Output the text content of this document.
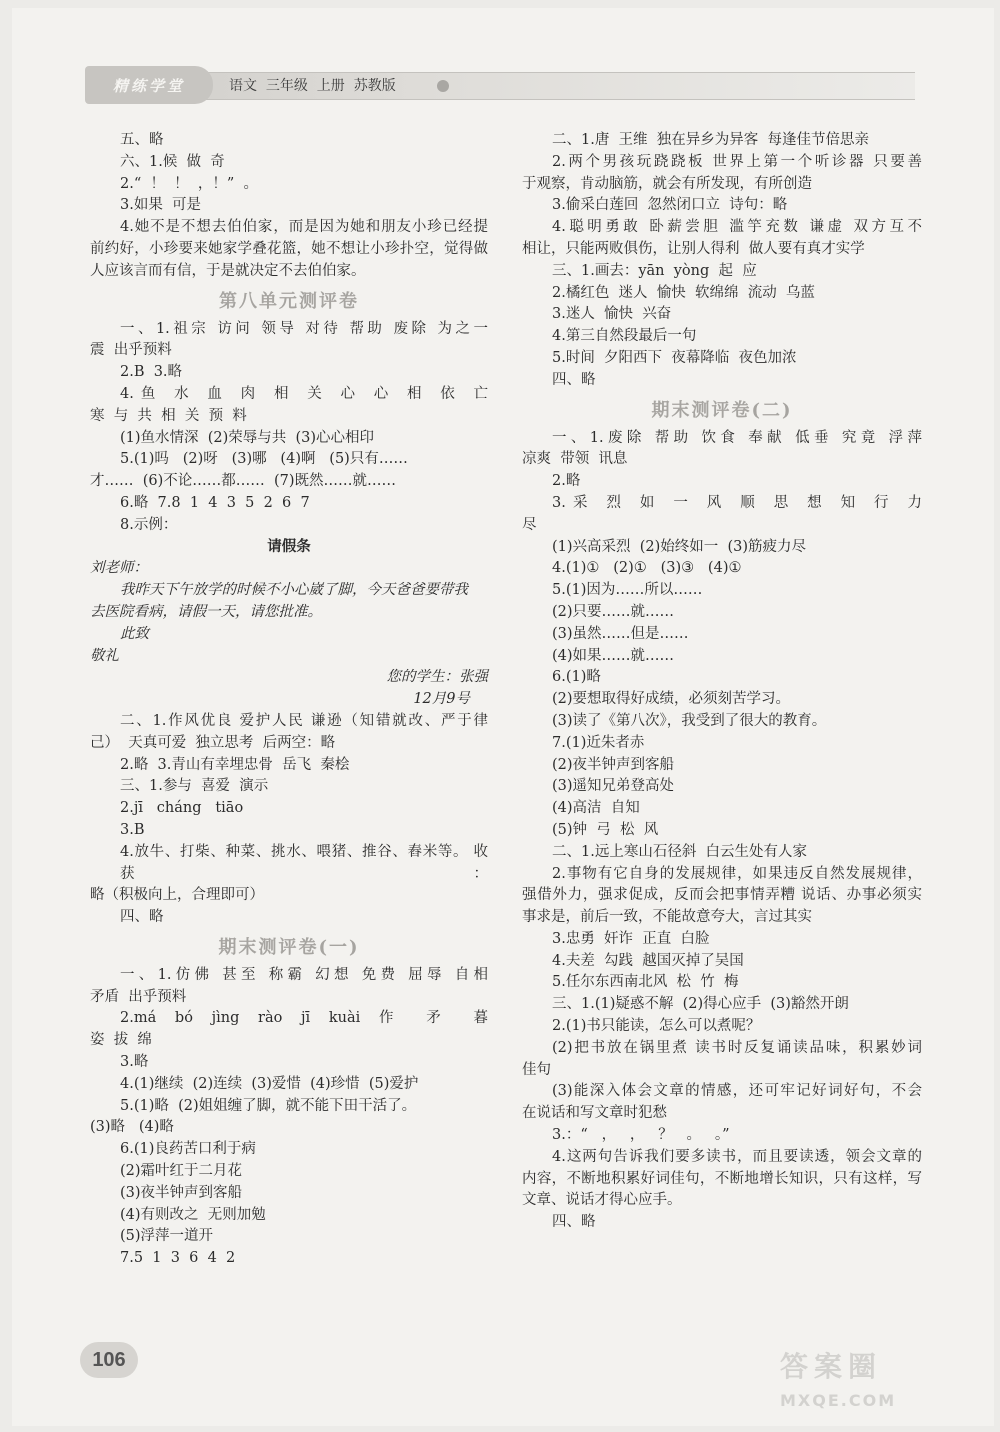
精练学堂	语文  三年级  上册  苏教版
五、略
六、1.候  做  奇
2.“  ！  ！  ，！”  。
3.如果  可是
4.她不是不想去伯伯家，而是因为她和朋友小珍已经提
前约好，小珍要来她家学叠花篮，她不想让小珍扑空，觉得做
人应该言而有信，于是就决定不去伯伯家。
第八单元测评卷
一、1.祖宗 访问 领导 对待 帮助 废除 为之一
震  出乎预料
2.B  3.略
4.鱼 水 血 肉 相 关 心 心 相 依 亡
寒  与  共  相  关  预  料
(1)鱼水情深  (2)荣辱与共  (3)心心相印
5.(1)吗   (2)呀   (3)哪   (4)啊   (5)只有……
才……  (6)不论……都……  (7)既然……就……
6.略  7.8  1  4  3  5  2  6  7
8.示例：
请假条
刘老师：
我昨天下午放学的时候不小心崴了脚，今天爸爸要带我
去医院看病，请假一天，请您批准。
此致
敬礼
您的学生：张强
12月9号
二、1.作风优良 爱护人民 谦逊（知错就改、严于律
己）  天真可爱  独立思考  后两空：略
2.略  3.青山有幸埋忠骨  岳飞  秦桧
三、1.参与  喜爱  演示
2.jī   cháng   tiāo
3.B
4.放牛、打柴、种菜、挑水、喂猪、推谷、舂米等。 收获：
略（积极向上，合理即可）
四、略
期末测评卷(一)
一、1.仿佛 甚至 称霸 幻想 免费 屈辱 自相
矛盾  出乎预料
2.má bó jìng rào jī kuài 作 矛 暮
姿  拔  绵
3.略
4.(1)继续  (2)连续  (3)爱惜  (4)珍惜  (5)爱护
5.(1)略  (2)姐姐缠了脚，就不能下田干活了。
(3)略   (4)略
6.(1)良药苦口利于病
(2)霜叶红于二月花
(3)夜半钟声到客船
(4)有则改之  无则加勉
(5)浮萍一道开
7.5  1  3  6  4  2
二、1.唐  王维  独在异乡为异客  每逢佳节倍思亲
2.两个男孩玩跷跷板 世界上第一个听诊器 只要善
于观察，肯动脑筋，就会有所发现，有所创造
3.偷采白莲回  忽然闭口立  诗句：略
4.聪明勇敢 卧薪尝胆 滥竽充数 谦虚 双方互不
相让，只能两败俱伤，让别人得利  做人要有真才实学
三、1.画去：yān  yòng  起  应
2.橘红色  迷人  愉快  软绵绵  流动  乌蓝
3.迷人  愉快  兴奋
4.第三自然段最后一句
5.时间  夕阳西下  夜幕降临  夜色加浓
四、略
期末测评卷(二)
一、1.废除 帮助 饮食 奉献 低垂 究竟 浮萍
凉爽  带领  讯息
2.略
3.采 烈 如 一 风 顺 思 想 知 行 力
尽
(1)兴高采烈  (2)始终如一  (3)筋疲力尽
4.(1)①   (2)①   (3)③   (4)①
5.(1)因为……所以……
(2)只要……就……
(3)虽然……但是……
(4)如果……就……
6.(1)略
(2)要想取得好成绩，必须刻苦学习。
(3)读了《第八次》，我受到了很大的教育。
7.(1)近朱者赤
(2)夜半钟声到客船
(3)遥知兄弟登高处
(4)高洁  自知
(5)钟  弓  松  风
二、1.远上寒山石径斜  白云生处有人家
2.事物有它自身的发展规律，如果违反自然发展规律，
强借外力，强求促成，反而会把事情弄糟 说话、办事必须实
事求是，前后一致，不能故意夸大，言过其实
3.忠勇  奸诈  正直  白脸
4.夫差  勾践  越国灭掉了吴国
5.任尔东西南北风  松  竹  梅
三、1.(1)疑惑不解  (2)得心应手  (3)豁然开朗
2.(1)书只能读，怎么可以煮呢？
(2)把书放在锅里煮 读书时反复诵读品味，积累妙词
佳句
(3)能深入体会文章的情感，还可牢记好词好句，不会
在说话和写文章时犯愁
3.：“   ，   ，   ？   。   。”
4.这两句告诉我们要多读书，而且要读透，领会文章的
内容，不断地积累好词佳句，不断地增长知识，只有这样，写
文章、说话才得心应手。
四、略
106	答案圈
MXQE.COM
